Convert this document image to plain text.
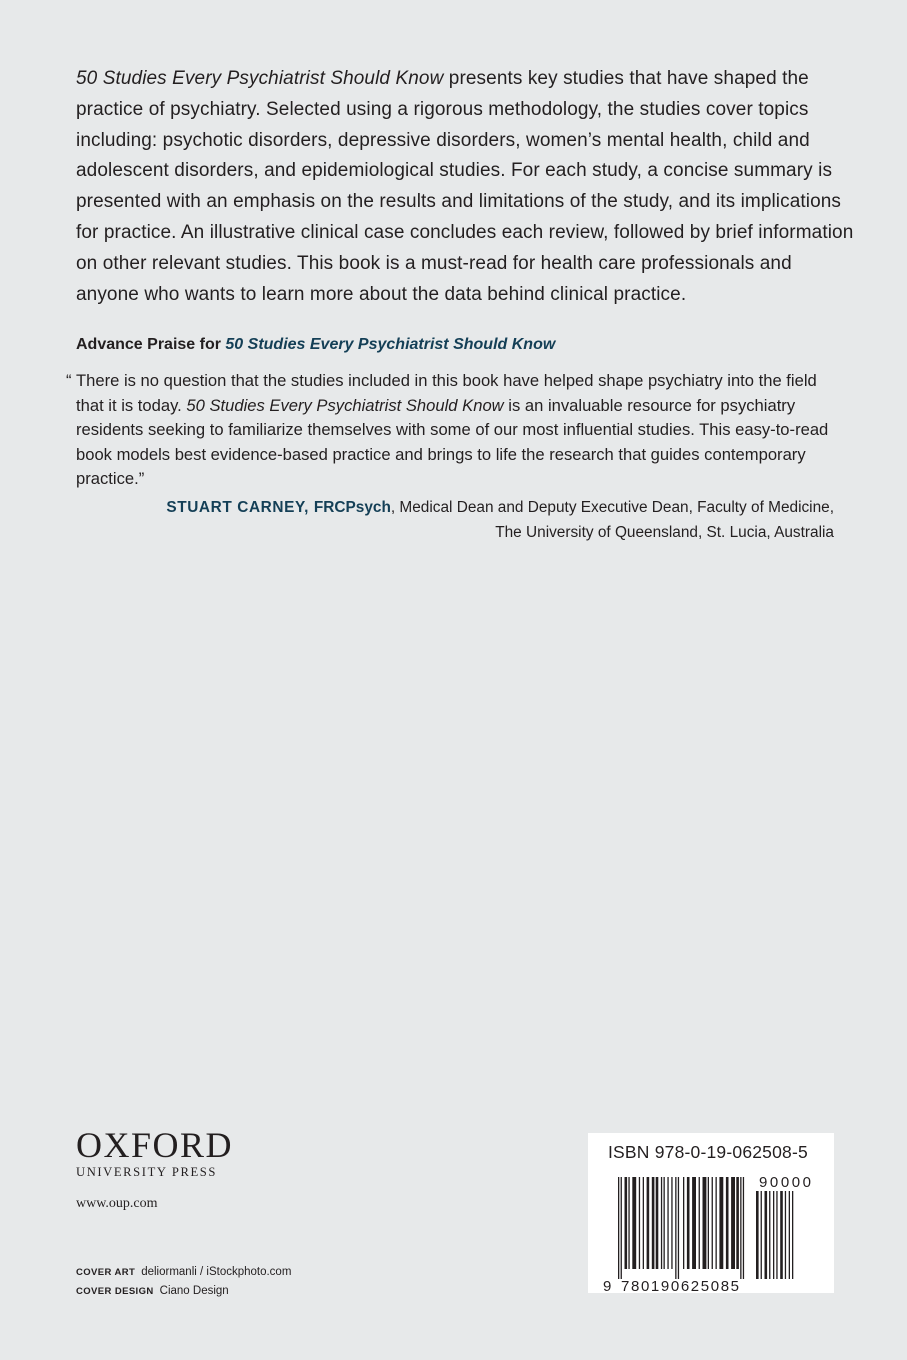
50 Studies Every Psychiatrist Should Know presents key studies that have shaped the practice of psychiatry. Selected using a rigorous methodology, the studies cover topics including: psychotic disorders, depressive disorders, women’s mental health, child and adolescent disorders, and epidemiological studies. For each study, a concise summary is presented with an emphasis on the results and limitations of the study, and its implications for practice. An illustrative clinical case concludes each review, followed by brief information on other relevant studies. This book is a must-read for health care professionals and anyone who wants to learn more about the data behind clinical practice.

Advance Praise for 50 Studies Every Psychiatrist Should Know

“ There is no question that the studies included in this book have helped shape psychiatry into the field that it is today. 50 Studies Every Psychiatrist Should Know is an invaluable resource for psychiatry residents seeking to familiarize themselves with some of our most influential studies. This easy-to-read book models best evidence-based practice and brings to life the research that guides contemporary practice.”

STUART CARNEY, FRCPsych, Medical Dean and Deputy Executive Dean, Faculty of Medicine,
The University of Queensland, St. Lucia, Australia

OXFORD
UNIVERSITY PRESS
www.oup.com
COVER ART deliormanli / iStockphoto.com
COVER DESIGN Ciano Design
ISBN 978-0-19-062508-5
9 780190625085
90000
